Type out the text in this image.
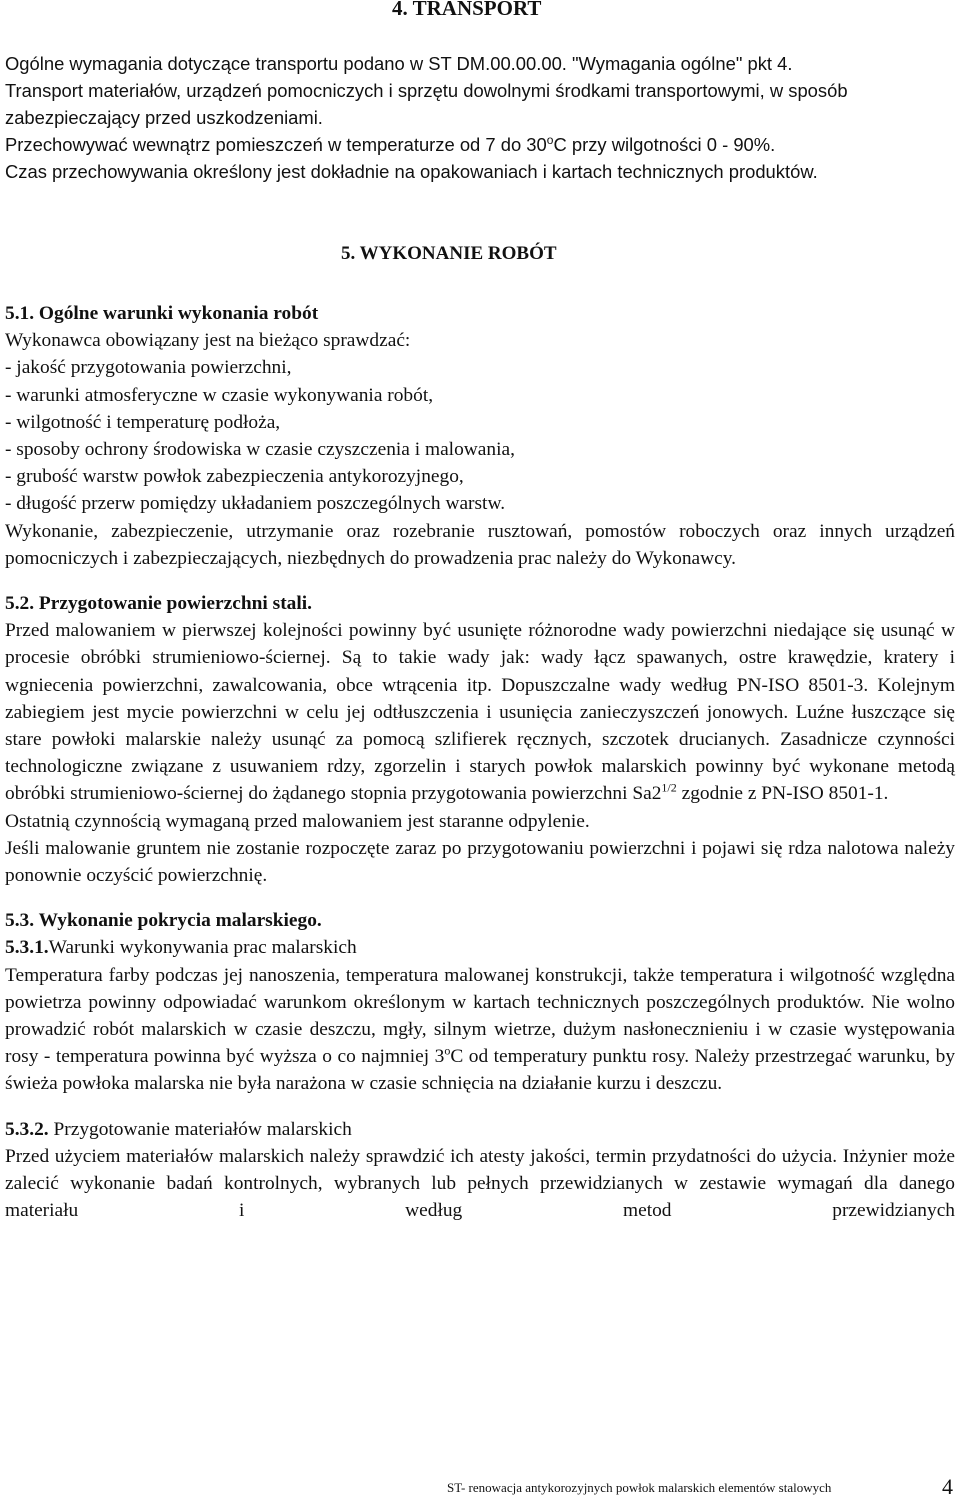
4. TRANSPORT

Ogólne wymagania dotyczące transportu podano w ST DM.00.00.00. "Wymagania ogólne" pkt 4.

Transport materiałów, urządzeń pomocniczych i sprzętu dowolnymi środkami transportowymi, w sposób zabezpieczający przed uszkodzeniami.

Przechowywać wewnątrz pomieszczeń w temperaturze od 7 do 30$^o$C przy wilgotności 0 - 90%.

Czas przechowywania określony jest dokładnie na opakowaniach i kartach technicznych produktów.

5. WYKONANIE ROBÓT

5.1. Ogólne warunki wykonania robót

Wykonawca obowiązany jest na bieżąco sprawdzać:

- jakość przygotowania powierzchni,

- warunki atmosferyczne w czasie wykonywania robót,

- wilgotność i temperaturę podłoża,

- sposoby ochrony środowiska w czasie czyszczenia i malowania,

- grubość warstw powłok zabezpieczenia antykorozyjnego,

- długość przerw pomiędzy układaniem poszczególnych warstw.

Wykonanie, zabezpieczenie, utrzymanie oraz rozebranie rusztowań, pomostów roboczych oraz innych urządzeń pomocniczych i zabezpieczających, niezbędnych do prowadzenia prac należy do Wykonawcy.

5.2. Przygotowanie powierzchni stali.

Przed malowaniem w pierwszej kolejności powinny być usunięte różnorodne wady powierzchni niedające się usunąć w procesie obróbki strumieniowo-ściernej. Są to takie wady jak: wady łącz spawanych, ostre krawędzie, kratery i wgniecenia powierzchni, zawalcowania, obce wtrącenia itp. Dopuszczalne wady według PN-ISO 8501-3. Kolejnym zabiegiem jest mycie powierzchni w celu jej odtłuszczenia i usunięcia zanieczyszczeń jonowych. Luźne łuszczące się stare powłoki malarskie należy usunąć za pomocą szlifierek ręcznych, szczotek drucianych. Zasadnicze czynności technologiczne związane z usuwaniem rdzy, zgorzelin i starych powłok malarskich powinny być wykonane metodą obróbki strumieniowo-ściernej do żądanego stopnia przygotowania powierzchni $Sa2^{1/2}$ zgodnie z PN-ISO 8501-1.

Ostatnią czynnością wymaganą przed malowaniem jest staranne odpylenie.

Jeśli malowanie gruntem nie zostanie rozpoczęte zaraz po przygotowaniu powierzchni i pojawi się rdza nalotowa należy ponownie oczyścić powierzchnię.

5.3. Wykonanie pokrycia malarskiego.

5.3.1.Warunki wykonywania prac malarskich

Temperatura farby podczas jej nanoszenia, temperatura malowanej konstrukcji, także temperatura i wilgotność względna powietrza powinny odpowiadać warunkom określonym w kartach technicznych poszczególnych produktów. Nie wolno prowadzić robót malarskich w czasie deszczu, mgły, silnym wietrze, dużym nasłonecznieniu i w czasie występowania rosy - temperatura powinna być wyższa o co najmniej 3$^o$C od temperatury punktu rosy. Należy przestrzegać warunku, by świeża powłoka malarska nie była narażona w czasie schnięcia na działanie kurzu i deszczu.

5.3.2. Przygotowanie materiałów malarskich

Przed użyciem materiałów malarskich należy sprawdzić ich atesty jakości, termin przydatności do użycia. Inżynier może zalecić wykonanie badań kontrolnych, wybranych lub pełnych przewidzianych w zestawie wymagań dla danego materiału i według metod przewidzianych

ST- renowacja antykorozyjnych powłok malarskich elementów stalowych	4
